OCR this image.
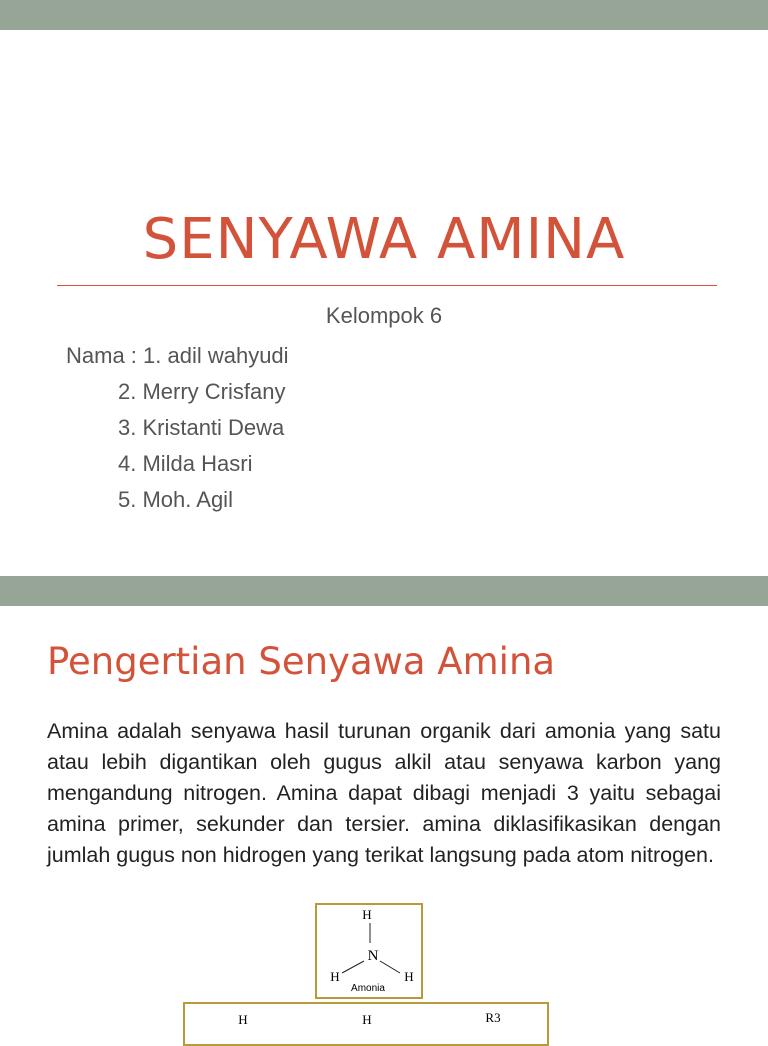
SENYAWA AMINA
Kelompok 6
Nama : 1. adil wahyudi
2. Merry Crisfany
3. Kristanti Dewa
4. Milda Hasri
5. Moh. Agil
Pengertian Senyawa Amina
Amina adalah senyawa hasil turunan organik dari amonia yang satu atau lebih digantikan oleh gugus alkil atau senyawa karbon yang mengandung nitrogen. Amina dapat dibagi menjadi 3 yaitu sebagai amina primer, sekunder dan tersier. amina diklasifikasikan dengan jumlah gugus non hidrogen yang terikat langsung pada atom nitrogen.
H
N
H	H
Amonia
H	H	R3
